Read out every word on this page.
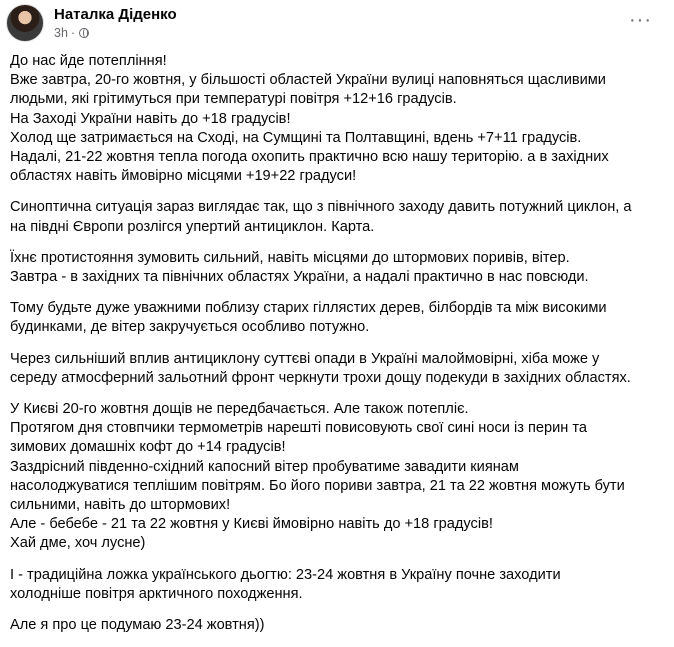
Наталка Діденко
3h ·
···
До нас йде потепління!
Вже завтра, 20-го жовтня, у більшості областей України вулиці наповняться щасливими
людьми, які грітимуться при температурі повітря +12+16 градусів.
На Заході України навіть до +18 градусів!
Холод ще затримається на Сході, на Сумщині та Полтавщині, вдень +7+11 градусів.
Надалі, 21-22 жовтня тепла погода охопить практично всю нашу територію. а в західних
областях навіть ймовірно місцями +19+22 градуси!
Синоптична ситуація зараз виглядає так, що з північного заходу давить потужний циклон, а
на півдні Європи розлігся упертий антициклон. Карта.
Їхнє протистояння зумовить сильний, навіть місцями до штормових поривів, вітер.
Завтра - в західних та північних областях України, а надалі практично в нас повсюди.
Тому будьте дуже уважними поблизу старих гіллястих дерев, білбордів та між високими
будинками, де вітер закручується особливо потужно.
Через сильніший вплив антициклону суттєві опади в Україні малоймовірні, хіба може у
середу атмосферний зальотний фронт черкнути трохи дощу подекуди в західних областях.
У Києві 20-го жовтня дощів не передбачається. Але також потепліє.
Протягом дня стовпчики термометрів нарешті повисовують свої сині носи із перин та
зимових домашніх кофт до +14 градусів!
Заздрісний південно-східний капосний вітер пробуватиме завадити киянам
насолоджуватися теплішим повітрям. Бо його пориви завтра, 21 та 22 жовтня можуть бути
сильними, навіть до штормових!
Але - бебебе - 21 та 22 жовтня у Києві ймовірно навіть до +18 градусів!
Хай дме, хоч лусне)
І - традиційна ложка українського дьогтю: 23-24 жовтня в Україну почне заходити
холодніше повітря арктичного походження.
Але я про це подумаю 23-24 жовтня))
